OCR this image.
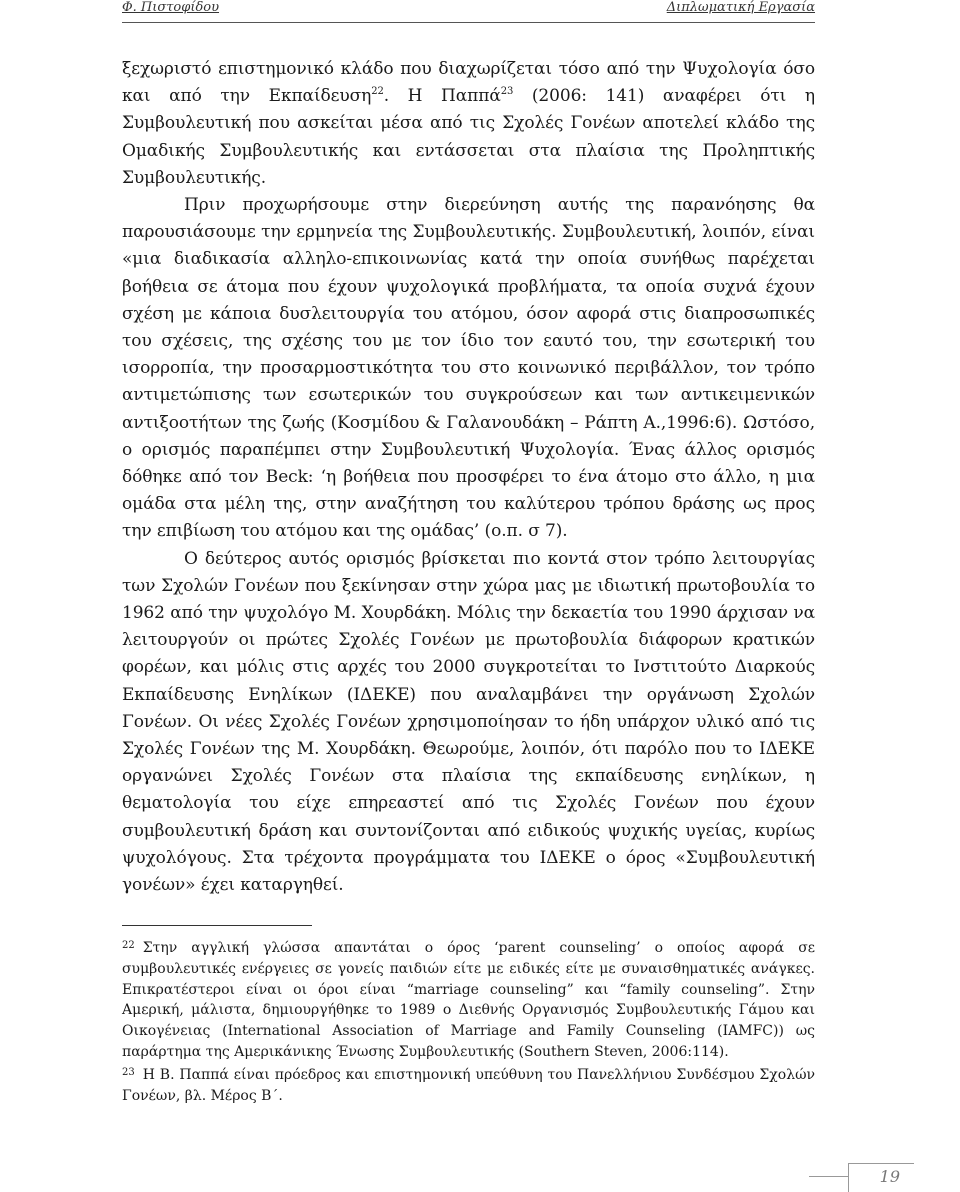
Φ. Πιστοφίδου	Διπλωματική Εργασία

ξεχωριστό επιστημονικό κλάδο που διαχωρίζεται τόσο από την Ψυχολογία όσο και από την Εκπαίδευση$^{22}$. Η Παππά$^{23}$ (2006: 141) αναφέρει ότι η Συμβουλευτική που ασκείται μέσα από τις Σχολές Γονέων αποτελεί κλάδο της Ομαδικής Συμβουλευτικής και εντάσσεται στα πλαίσια της Προληπτικής Συμβουλευτικής.

Πριν προχωρήσουμε στην διερεύνηση αυτής της παρανόησης θα παρουσιάσουμε την ερμηνεία της Συμβουλευτικής. Συμβουλευτική, λοιπόν, είναι «μια διαδικασία αλληλο-επικοινωνίας κατά την οποία συνήθως παρέχεται βοήθεια σε άτομα που έχουν ψυχολογικά προβλήματα, τα οποία συχνά έχουν σχέση με κάποια δυσλειτουργία του ατόμου, όσον αφορά στις διαπροσωπικές του σχέσεις, της σχέσης του με τον ίδιο τον εαυτό του, την εσωτερική του ισορροπία, την προσαρμοστικότητα του στο κοινωνικό περιβάλλον, τον τρόπο αντιμετώπισης των εσωτερικών του συγκρούσεων και των αντικειμενικών αντιξοοτήτων της ζωής (Κοσμίδου & Γαλανουδάκη – Ράπτη Α.,1996:6). Ωστόσο, ο ορισμός παραπέμπει στην Συμβουλευτική Ψυχολογία. Ένας άλλος ορισμός δόθηκε από τον Beck: ‘η βοήθεια που προσφέρει το ένα άτομο στο άλλο, η μια ομάδα στα μέλη της, στην αναζήτηση του καλύτερου τρόπου δράσης ως προς την επιβίωση του ατόμου και της ομάδας’ (ο.π. σ 7).

Ο δεύτερος αυτός ορισμός βρίσκεται πιο κοντά στον τρόπο λειτουργίας των Σχολών Γονέων που ξεκίνησαν στην χώρα μας με ιδιωτική πρωτοβουλία το 1962 από την ψυχολόγο Μ. Χουρδάκη. Μόλις την δεκαετία του 1990 άρχισαν να λειτουργούν οι πρώτες Σχολές Γονέων με πρωτοβουλία διάφορων κρατικών φορέων, και μόλις στις αρχές του 2000 συγκροτείται το Ινστιτούτο Διαρκούς Εκπαίδευσης Ενηλίκων (ΙΔΕΚΕ) που αναλαμβάνει την οργάνωση Σχολών Γονέων. Οι νέες Σχολές Γονέων χρησιμοποίησαν το ήδη υπάρχον υλικό από τις Σχολές Γονέων της Μ. Χουρδάκη. Θεωρούμε, λοιπόν, ότι παρόλο που το ΙΔΕΚΕ οργανώνει Σχολές Γονέων στα πλαίσια της εκπαίδευσης ενηλίκων, η θεματολογία του είχε επηρεαστεί από τις Σχολές Γονέων που έχουν συμβουλευτική δράση και συντονίζονται από ειδικούς ψυχικής υγείας, κυρίως ψυχολόγους. Στα τρέχοντα προγράμματα του ΙΔΕΚΕ ο όρος «Συμβουλευτική γονέων» έχει καταργηθεί.

$^{22}$ Στην αγγλική γλώσσα απαντάται ο όρος ‘parent counseling’ ο οποίος αφορά σε συμβουλευτικές ενέργειες σε γονείς παιδιών είτε με ειδικές είτε με συναισθηματικές ανάγκες. Επικρατέστεροι είναι οι όροι είναι “marriage counseling” και “family counseling”. Στην Αμερική, μάλιστα, δημιουργήθηκε το 1989 ο Διεθνής Οργανισμός Συμβουλευτικής Γάμου και Οικογένειας (International Association of Marriage and Family Counseling (IAMFC)) ως παράρτημα της Αμερικάνικης Ένωσης Συμβουλευτικής (Southern Steven, 2006:114).

$^{23}$ Η Β. Παππά είναι πρόεδρος και επιστημονική υπεύθυνη του Πανελλήνιου Συνδέσμου Σχολών Γονέων, βλ. Μέρος Β΄.

19
